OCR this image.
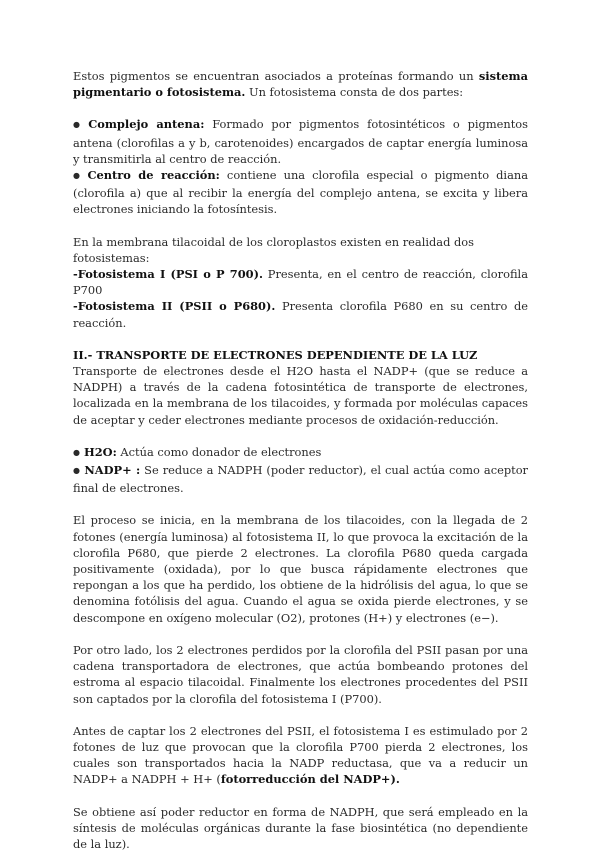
Estos pigmentos se encuentran asociados a proteínas formando un sistema pigmentario o fotosistema. Un fotosistema consta de dos partes:

● Complejo antena: Formado por pigmentos fotosintéticos o pigmentos antena (clorofilas a y b, carotenoides) encargados de captar energía luminosa y transmitirla al centro de reacción.

● Centro de reacción: contiene una clorofila especial o pigmento diana (clorofila a) que al recibir la energía del complejo antena, se excita y libera electrones iniciando la fotosíntesis.

En la membrana tilacoidal de los cloroplastos existen en realidad dos fotosistemas:

-Fotosistema I (PSI o P 700). Presenta, en el centro de reacción, clorofila P700

-Fotosistema II (PSII o P680). Presenta clorofila P680 en su centro de reacción.

II.- TRANSPORTE DE ELECTRONES DEPENDIENTE DE LA LUZ

Transporte de electrones desde el H2O hasta el NADP+ (que se reduce a NADPH) a través de la cadena fotosintética de transporte de electrones, localizada en la membrana de los tilacoides, y formada por moléculas capaces de aceptar y ceder electrones mediante procesos de oxidación-reducción.

● H2O: Actúa como donador de electrones

● NADP+ : Se reduce a NADPH (poder reductor), el cual actúa como aceptor final de electrones.

El proceso se inicia, en la membrana de los tilacoides, con la llegada de 2 fotones (energía luminosa) al fotosistema II, lo que provoca la excitación de la clorofila P680, que pierde 2 electrones. La clorofila P680 queda cargada positivamente (oxidada), por lo que busca rápidamente electrones que repongan a los que ha perdido, los obtiene de la hidrólisis del agua, lo que se denomina fotólisis del agua. Cuando el agua se oxida pierde electrones, y se descompone en oxígeno molecular (O2), protones (H+) y electrones (e−).

Por otro lado, los 2 electrones perdidos por la clorofila del PSII pasan por una cadena transportadora de electrones, que actúa bombeando protones del estroma al espacio tilacoidal. Finalmente los electrones procedentes del PSII son captados por la clorofila del fotosistema I (P700).

Antes de captar los 2 electrones del PSII, el fotosistema I es estimulado por 2 fotones de luz que provocan que la clorofila P700 pierda 2 electrones, los cuales son transportados hacia la NADP reductasa, que va a reducir un NADP+ a NADPH + H+ (fotorreducción del NADP+).

Se obtiene así poder reductor en forma de NADPH, que será empleado en la síntesis de moléculas orgánicas durante la fase biosintética (no dependiente de la luz).
